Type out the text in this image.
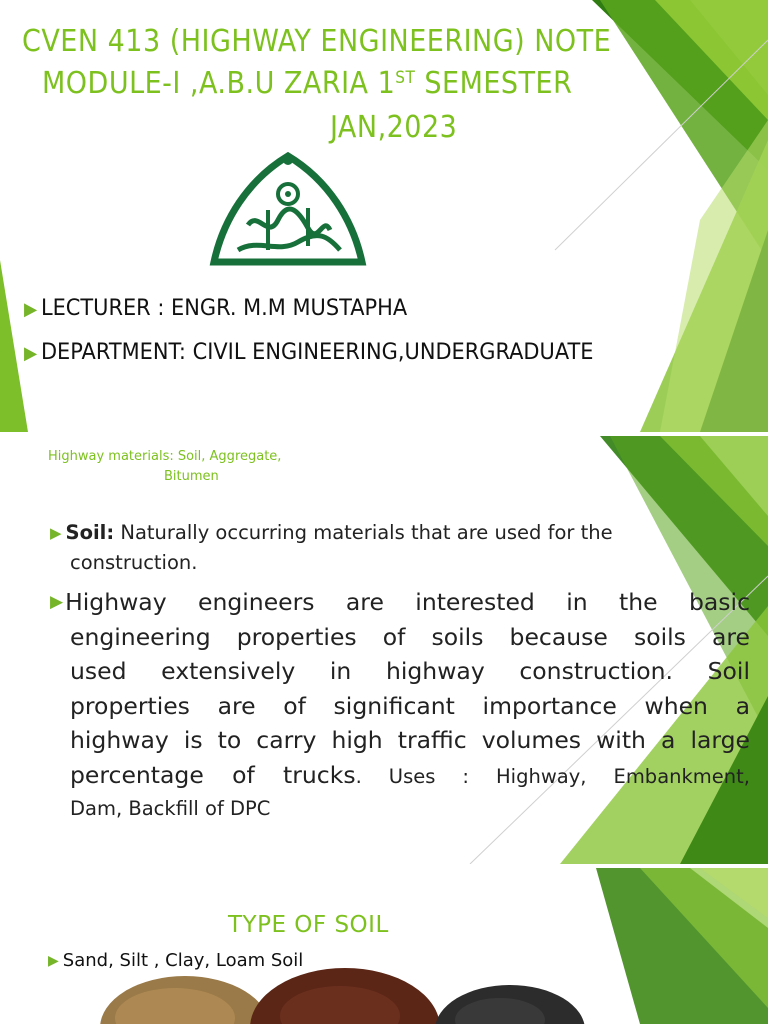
CVEN 413 (HIGHWAY ENGINEERING) NOTE
MODULE-I ,A.B.U ZARIA 1ST SEMESTER
JAN,2023
▶ LECTURER : ENGR. M.M MUSTAPHA
▶ DEPARTMENT: CIVIL ENGINEERING,UNDERGRADUATE
Highway materials: Soil, Aggregate,
Bitumen
▶ Soil: Naturally occurring materials that are used for the
construction.
▶ Highway engineers are interested in the basic
engineering properties of soils because soils are
used extensively in highway construction. Soil
properties are of significant importance when a
highway is to carry high traffic volumes with a large
percentage of trucks. Uses : Highway, Embankment,
Dam, Backfill of DPC
TYPE OF SOIL
▶ Sand, Silt , Clay, Loam Soil
